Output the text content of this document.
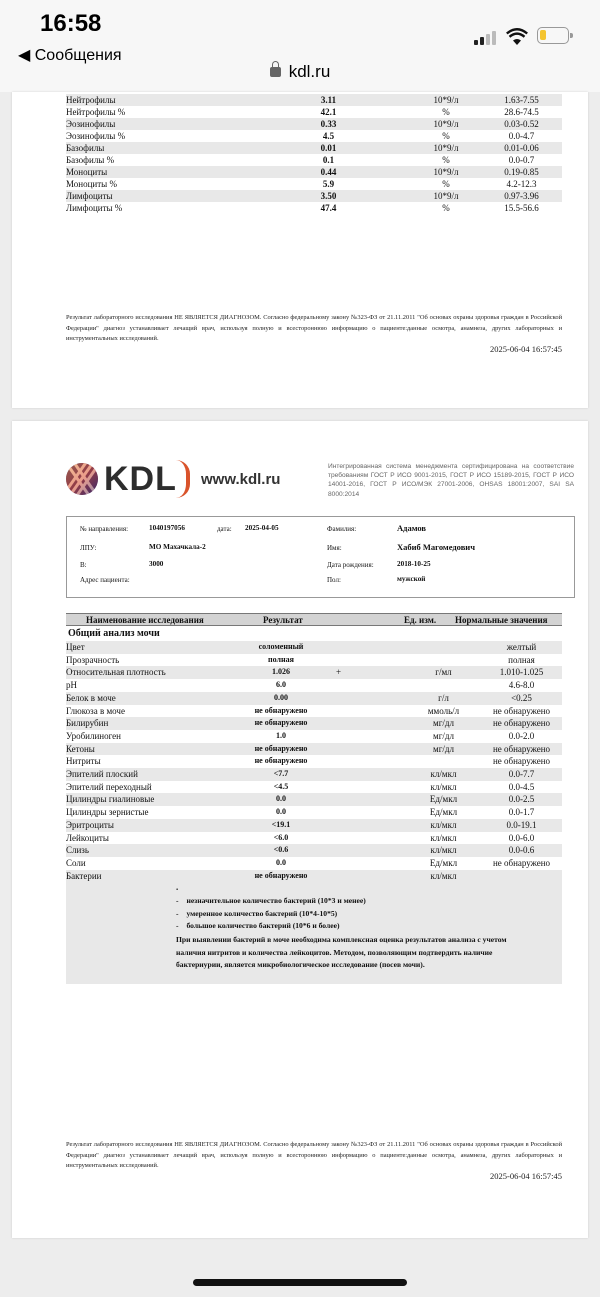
16:58
◀ Сообщения
kdl.ru
Нейтрофилы	3.11		10*9/л	1.63-7.55
Нейтрофилы %	42.1		%	28.6-74.5
Эозинофилы	0.33		10*9/л	0.03-0.52
Эозинофилы %	4.5		%	0.0-4.7
Базофилы	0.01		10*9/л	0.01-0.06
Базофилы %	0.1		%	0.0-0.7
Моноциты	0.44		10*9/л	0.19-0.85
Моноциты %	5.9		%	4.2-12.3
Лимфоциты	3.50		10*9/л	0.97-3.96
Лимфоциты %	47.4		%	15.5-56.6
Результат лабораторного исследования НЕ ЯВЛЯЕТСЯ ДИАГНОЗОМ. Согласно федеральному закону №323-ФЗ от 21.11.2011 "Об основах охраны здоровья граждан в Российской Федерации" диагноз устанавливает лечащий врач, используя полную и всестороннюю информацию о пациенте:данные осмотра, анамнеза, других лабораторных и инструментальных исследований.
2025-06-04 16:57:45
KDL www.kdl.ru
Интегрированная система менеджмента сертифицирована на соответствие требованиям ГОСТ Р ИСО 9001-2015, ГОСТ Р ИСО 15189-2015, ГОСТ Р ИСО 14001-2016, ГОСТ Р ИСО/МЭК 27001-2006, OHSAS 18001:2007, SAI SA 8000:2014
№ направления:	1040197056	дата: 2025-04-05
ЛПУ:	МО Махачкала-2
В:	3000
Адрес пациента:
Фамилия:	Адамов
Имя:	Хабиб Магомедович
Дата рождения:	2018-10-25
Пол:	мужской
Наименование исследования	Результат	Ед. изм. Нормальные значения
Общий анализ мочи
Цвет	соломенный			желтый
Прозрачность	полная			полная
Относительная плотность	1.026	+	г/мл	1.010-1.025
pH	6.0			4.6-8.0
Белок в моче	0.00		г/л	<0.25
Глюкоза в моче	не обнаружено		ммоль/л	не обнаружено
Билирубин	не обнаружено		мг/дл	не обнаружено
Уробилиноген	1.0		мг/дл	0.0-2.0
Кетоны	не обнаружено		мг/дл	не обнаружено
Нитриты	не обнаружено			не обнаружено
Эпителий плоский	<7.7		кл/мкл	0.0-7.7
Эпителий переходный	<4.5		кл/мкл	0.0-4.5
Цилиндры гиалиновые	0.0		Ед/мкл	0.0-2.5
Цилиндры зернистые	0.0		Ед/мкл	0.0-1.7
Эритроциты	<19.1		кл/мкл	0.0-19.1
Лейкоциты	<6.0		кл/мкл	0.0-6.0
Слизь	<0.6		кл/мкл	0.0-0.6
Соли	0.0		Ед/мкл	не обнаружено
Бактерии	не обнаружено		кл/мкл	
.
- незначительное количество бактерий (10*3 и менее)
- умеренное количество бактерий (10*4-10*5)
- большое количество бактерий (10*6 и более)

При выявлении бактерий в моче необходима комплексная оценка результатов анализа с учетом наличия нитритов и количества лейкоцитов. Методом, позволяющим подтвердить наличие бактериурии, является микробиологическое исследование (посев мочи).

Результат лабораторного исследования НЕ ЯВЛЯЕТСЯ ДИАГНОЗОМ. Согласно федеральному закону №323-ФЗ от 21.11.2011 "Об основах охраны здоровья граждан в Российской Федерации" диагноз устанавливает лечащий врач, используя полную и всестороннюю информацию о пациенте:данные осмотра, анамнеза, других лабораторных и инструментальных исследований.
2025-06-04 16:57:45
